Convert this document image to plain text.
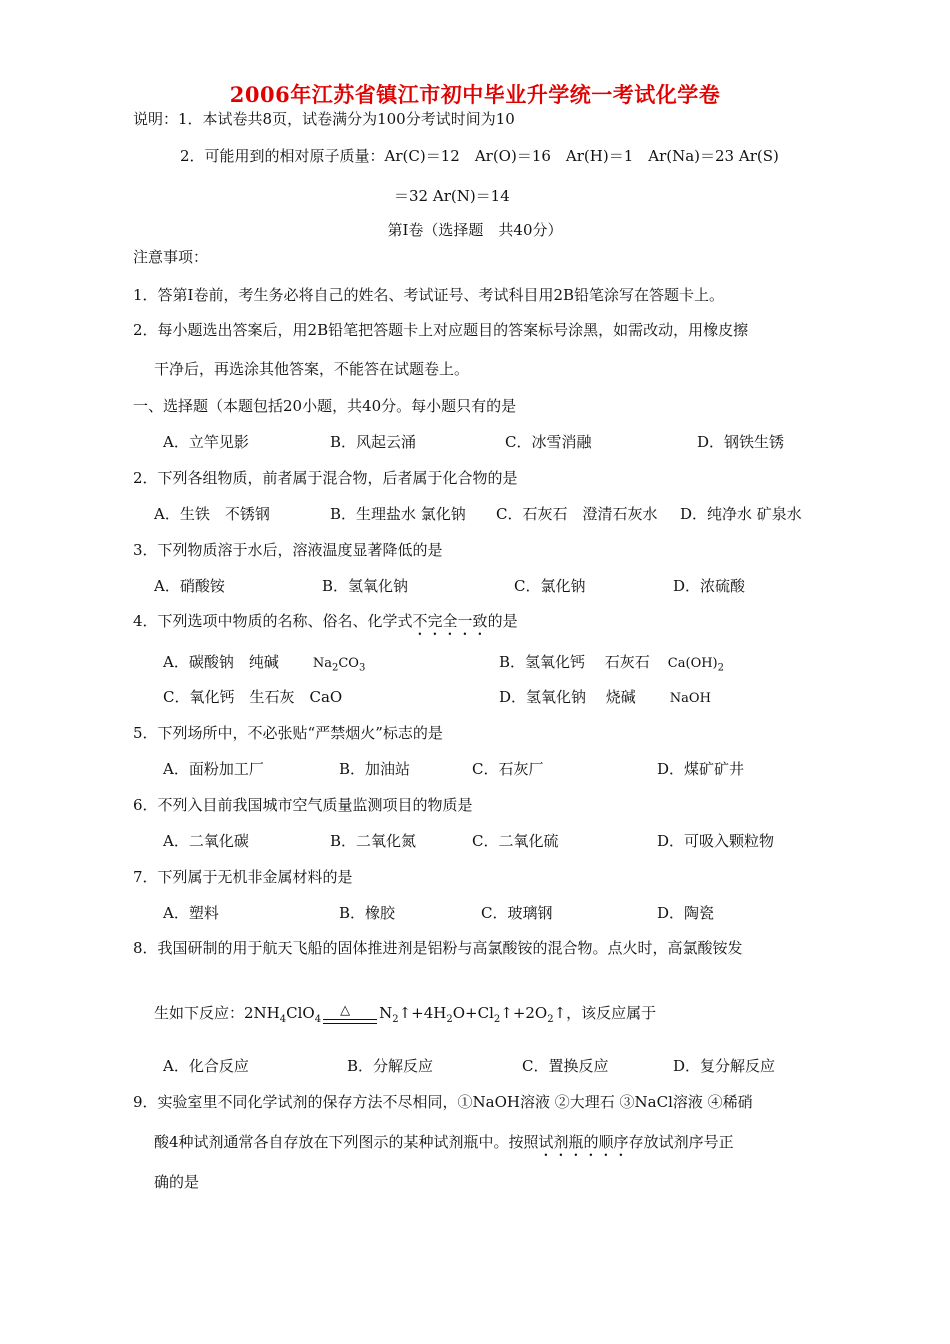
2006年江苏省镇江市初中毕业升学统一考试化学卷
说明：1．本试卷共8页，试卷满分为100分考试时间为10
2．可能用到的相对原子质量：Ar(C)＝12　Ar(O)＝16　Ar(H)＝1　Ar(Na)＝23 Ar(S)
＝32 Ar(N)＝14
第Ⅰ卷（选择题　共40分）
注意事项：
1．答第Ⅰ卷前，考生务必将自己的姓名、考试证号、考试科目用2B铅笔涂写在答题卡上。
2．每小题选出答案后，用2B铅笔把答题卡上对应题目的答案标号涂黑，如需改动，用橡皮擦
干净后，再选涂其他答案，不能答在试题卷上。
一、选择题（本题包括20小题，共40分。每小题只有的是
A．立竿见影	B．风起云涌	C．冰雪消融	D．钢铁生锈
2．下列各组物质，前者属于混合物，后者属于化合物的是
A．生铁　不锈钢	B．生理盐水 氯化钠 C．石灰石　澄清石灰水 D．纯净水 矿泉水
3．下列物质溶于水后，溶液温度显著降低的是
A．硝酸铵	B．氢氧化钠	C．氯化钠	D．浓硫酸
4．下列选项中物质的名称、俗名、化学式不完全一致的是
A．碳酸钠　纯碱	$Na_2CO_3$	B．氢氧化钙　 石灰石 $Ca(OH)_2$
C．氧化钙　生石灰　CaO	D．氢氧化钠　 烧碱	NaOH
5．下列场所中，不必张贴“严禁烟火”标志的是
A．面粉加工厂	B．加油站	C．石灰厂	D．煤矿矿井
6．不列入目前我国城市空气质量监测项目的物质是
A．二氧化碳	B．二氧化氮	C．二氧化硫	D．可吸入颗粒物
7．下列属于无机非金属材料的是
A．塑料	B．橡胶	C．玻璃钢	D．陶瓷
8．我国研制的用于航天飞船的固体推进剂是铝粉与高氯酸铵的混合物。点火时，高氯酸铵发
生如下反应：$2NH_4ClO_4$
△ $N_2↑+4H_2O+Cl_2↑+2O_2↑$，该反应属于
A．化合反应	B．分解反应	C．置换反应	D．复分解反应
9．实验室里不同化学试剂的保存方法不尽相同，①NaOH溶液 ②大理石 ③NaCl溶液 ④稀硝
酸4种试剂通常各自存放在下列图示的某种试剂瓶中。按照试剂瓶的顺序存放试剂序号正
确的是
